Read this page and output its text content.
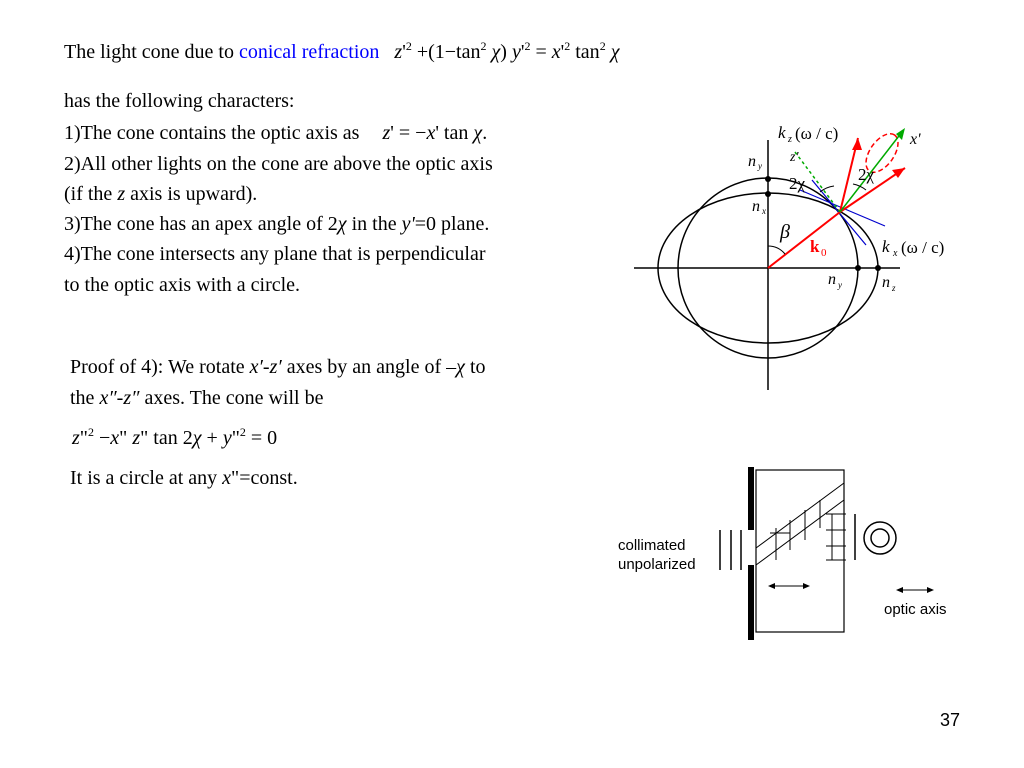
The light cone due to conical refraction $z'^2 +(1-\tan^2$ χ) $y'^2 = x'^2$ $\tan^2 \chi$
has the following characters:
1)The cone contains the optic axis as z' = −x' tan χ.
2)All other lights on the cone are above the optic axis
(if the z axis is upward).
3)The cone has an apex angle of 2χ in the y'=0 plane.
4)The cone intersects any plane that is perpendicular
to the optic axis with a circle.
Proof of 4): We rotate x′-z′ axes by an angle of –χ to
the x″-z″ axes. The cone will be
z"$^2$ −x" z" tan 2χ + y"$^2$ = 0
It is a circle at any x"=const.
k z (ω / c)
n y
z'
n x
2χ	2χ
x'
β
k 0	k x (ω / c)
n y	n z
collimated
unpolarized
optic axis
37
